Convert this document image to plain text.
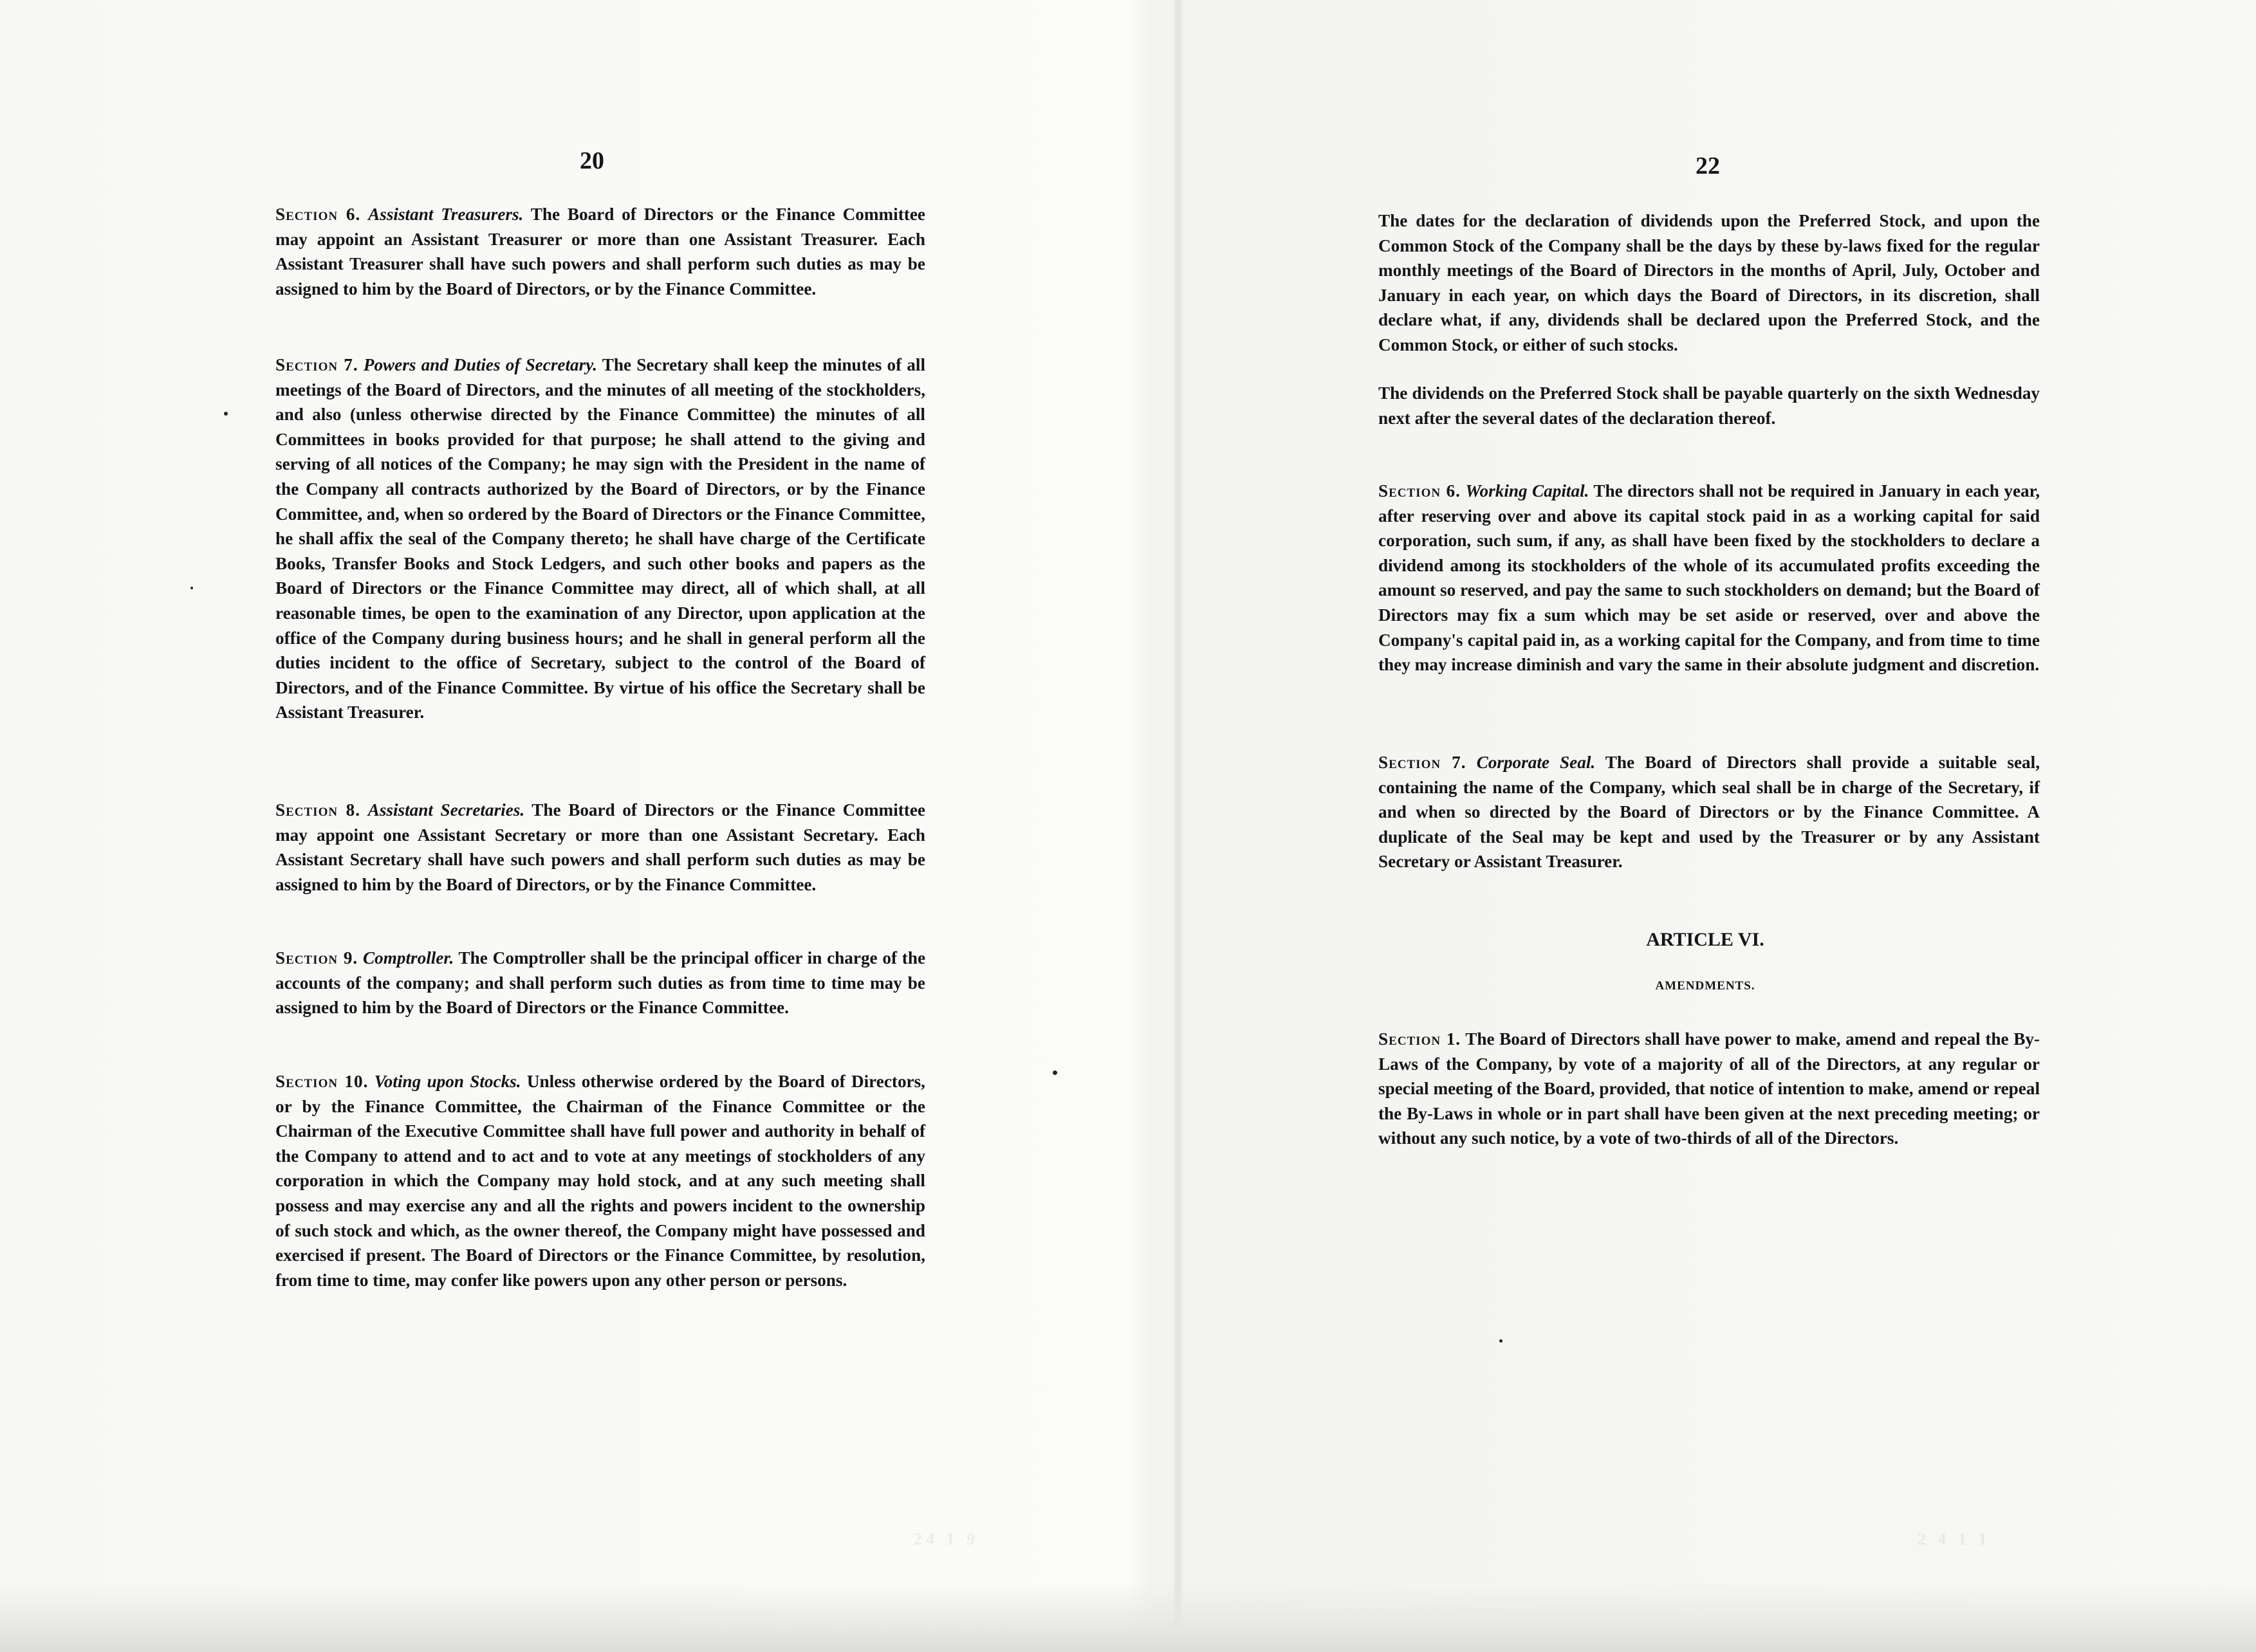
24 1 9	2 4 1 1
20

Section 6. Assistant Treasurers. The Board of Directors or the Finance Committee may appoint an Assistant Treasurer or more than one Assistant Treasurer. Each Assistant Treasurer shall have such powers and shall perform such duties as may be assigned to him by the Board of Directors, or by the Finance Committee.

Section 7. Powers and Duties of Secretary. The Secretary shall keep the minutes of all meetings of the Board of Directors, and the minutes of all meeting of the stockholders, and also (unless otherwise directed by the Finance Committee) the minutes of all Committees in books provided for that purpose; he shall attend to the giving and serving of all notices of the Company; he may sign with the President in the name of the Company all contracts authorized by the Board of Directors, or by the Finance Committee, and, when so ordered by the Board of Directors or the Finance Committee, he shall affix the seal of the Company thereto; he shall have charge of the Certificate Books, Transfer Books and Stock Ledgers, and such other books and papers as the Board of Directors or the Finance Committee may direct, all of which shall, at all reasonable times, be open to the examination of any Director, upon application at the office of the Company during business hours; and he shall in general perform all the duties incident to the office of Secretary, subject to the control of the Board of Directors, and of the Finance Committee. By virtue of his office the Secretary shall be Assistant Treasurer.

Section 8. Assistant Secretaries. The Board of Directors or the Finance Committee may appoint one Assistant Secretary or more than one Assistant Secretary. Each Assistant Secretary shall have such powers and shall perform such duties as may be assigned to him by the Board of Directors, or by the Finance Committee.

Section 9. Comptroller. The Comptroller shall be the principal officer in charge of the accounts of the company; and shall perform such duties as from time to time may be assigned to him by the Board of Directors or the Finance Committee.

Section 10. Voting upon Stocks. Unless otherwise ordered by the Board of Directors, or by the Finance Committee, the Chairman of the Finance Committee or the Chairman of the Executive Committee shall have full power and authority in behalf of the Company to attend and to act and to vote at any meetings of stockholders of any corporation in which the Company may hold stock, and at any such meeting shall possess and may exercise any and all the rights and powers incident to the ownership of such stock and which, as the owner thereof, the Company might have possessed and exercised if present. The Board of Directors or the Finance Committee, by resolution, from time to time, may confer like powers upon any other person or persons.

22

The dates for the declaration of dividends upon the Preferred Stock, and upon the Common Stock of the Company shall be the days by these by-laws fixed for the regular monthly meetings of the Board of Directors in the months of April, July, October and January in each year, on which days the Board of Directors, in its discretion, shall declare what, if any, dividends shall be declared upon the Preferred Stock, and the Common Stock, or either of such stocks.

The dividends on the Preferred Stock shall be payable quarterly on the sixth Wednesday next after the several dates of the declaration thereof.

Section 6. Working Capital. The directors shall not be required in January in each year, after reserving over and above its capital stock paid in as a working capital for said corporation, such sum, if any, as shall have been fixed by the stockholders to declare a dividend among its stockholders of the whole of its accumulated profits exceeding the amount so reserved, and pay the same to such stockholders on demand; but the Board of Directors may fix a sum which may be set aside or reserved, over and above the Company's capital paid in, as a working capital for the Company, and from time to time they may increase diminish and vary the same in their absolute judgment and discretion.

Section 7. Corporate Seal. The Board of Directors shall provide a suitable seal, containing the name of the Company, which seal shall be in charge of the Secretary, if and when so directed by the Board of Directors or by the Finance Committee. A duplicate of the Seal may be kept and used by the Treasurer or by any Assistant Secretary or Assistant Treasurer.

ARTICLE VI.
AMENDMENTS.

Section 1. The Board of Directors shall have power to make, amend and repeal the By-Laws of the Company, by vote of a majority of all of the Directors, at any regular or special meeting of the Board, provided, that notice of intention to make, amend or repeal the By-Laws in whole or in part shall have been given at the next preceding meeting; or without any such notice, by a vote of two-thirds of all of the Directors.
